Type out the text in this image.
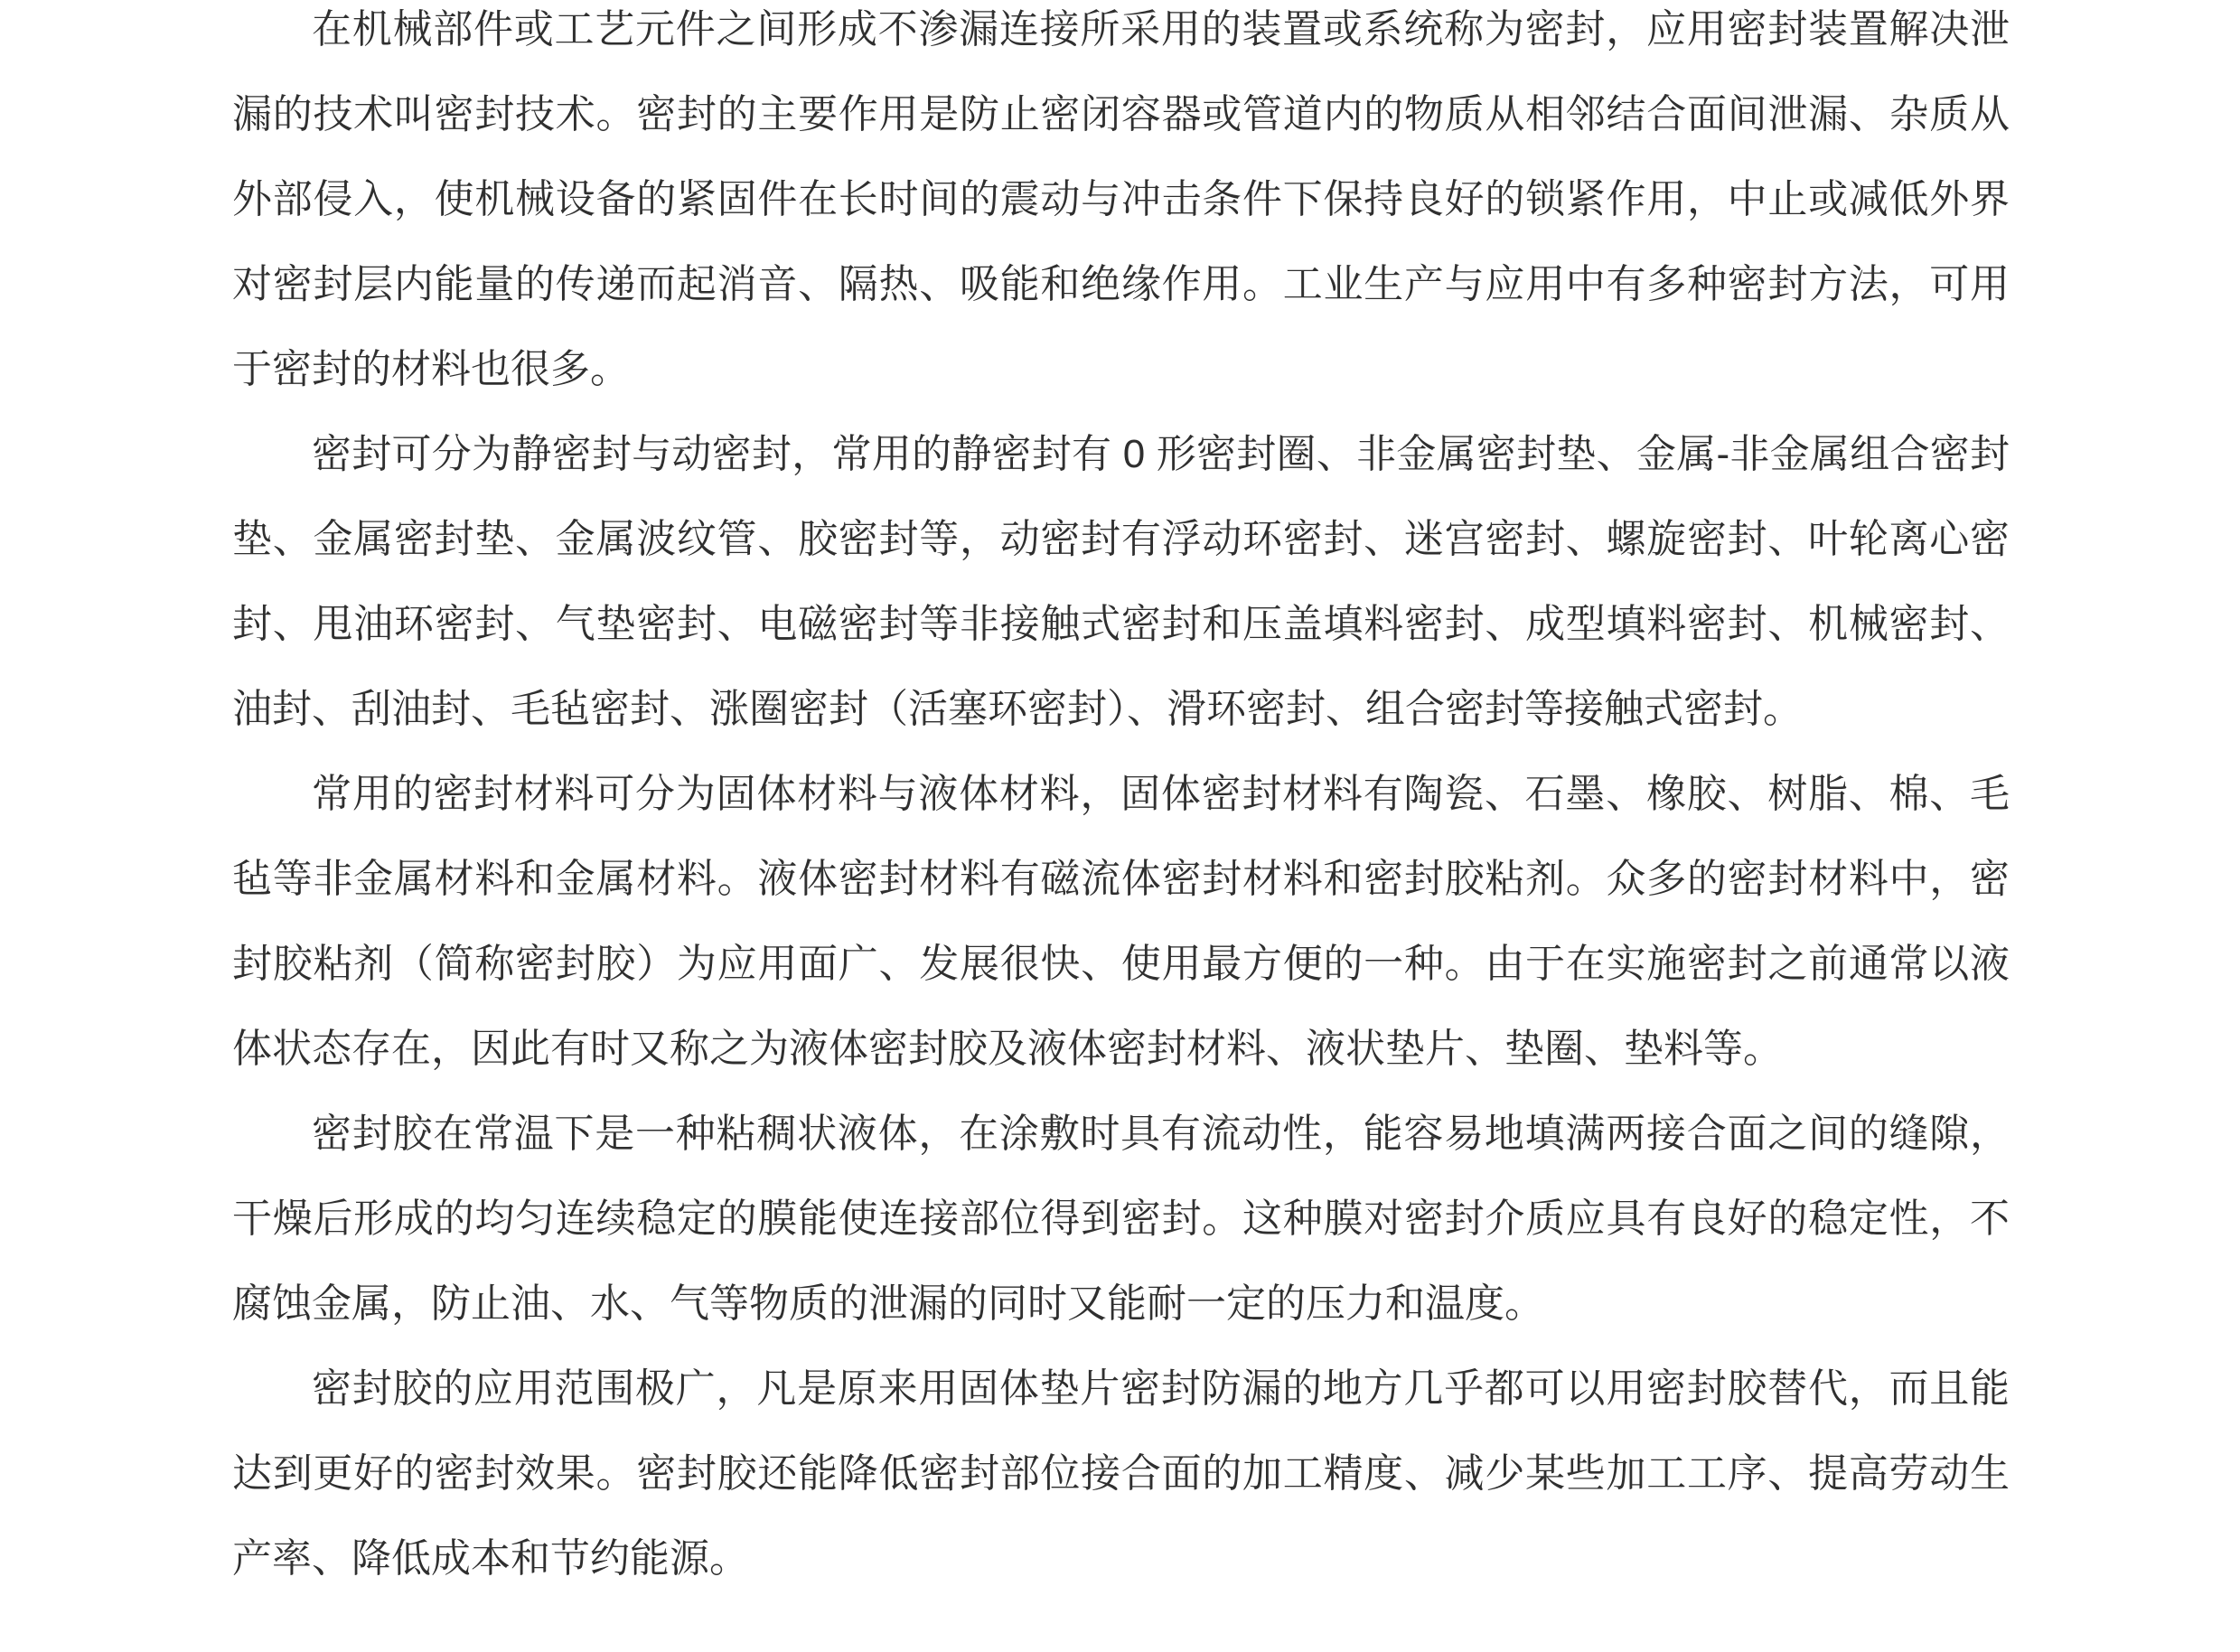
在机械部件或工艺元件之间形成不渗漏连接所采用的装置或系统称为密封，应用密封装置解决泄漏的技术叫密封技术。密封的主要作用是防止密闭容器或管道内的物质从相邻结合面间泄漏、杂质从外部侵入，使机械设备的紧固件在长时间的震动与冲击条件下保持良好的锁紧作用，中止或减低外界对密封层内能量的传递而起消音、隔热、吸能和绝缘作用。工业生产与应用中有多种密封方法，可用于密封的材料也很多。

密封可分为静密封与动密封，常用的静密封有 0 形密封圈、非金属密封垫、金属-非金属组合密封垫、金属密封垫、金属波纹管、胶密封等，动密封有浮动环密封、迷宫密封、螺旋密封、叶轮离心密封、甩油环密封、气垫密封、电磁密封等非接触式密封和压盖填料密封、成型填料密封、机械密封、油封、刮油封、毛毡密封、涨圈密封（活塞环密封）、滑环密封、组合密封等接触式密封。

常用的密封材料可分为固体材料与液体材料，固体密封材料有陶瓷、石墨、橡胶、树脂、棉、毛毡等非金属材料和金属材料。液体密封材料有磁流体密封材料和密封胶粘剂。众多的密封材料中，密封胶粘剂（简称密封胶）为应用面广、发展很快、使用最方便的一种。由于在实施密封之前通常以液体状态存在，因此有时又称之为液体密封胶及液体密封材料、液状垫片、垫圈、垫料等。

密封胶在常温下是一种粘稠状液体，在涂敷时具有流动性，能容易地填满两接合面之间的缝隙，干燥后形成的均匀连续稳定的膜能使连接部位得到密封。这种膜对密封介质应具有良好的稳定性，不腐蚀金属，防止油、水、气等物质的泄漏的同时又能耐一定的压力和温度。

密封胶的应用范围极广，凡是原来用固体垫片密封防漏的地方几乎都可以用密封胶替代，而且能达到更好的密封效果。密封胶还能降低密封部位接合面的加工精度、减少某些加工工序、提高劳动生产率、降低成本和节约能源。
